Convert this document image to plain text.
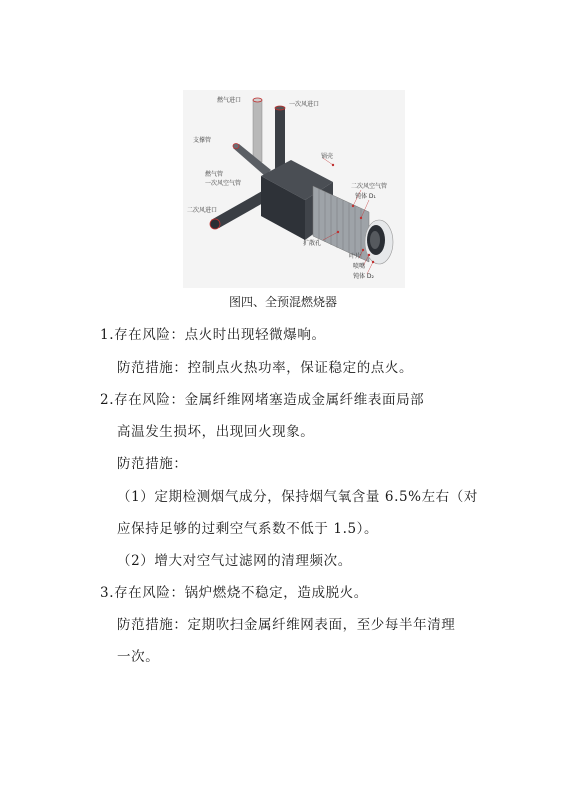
燃气进口
一次风进口
支撑管
锅壳
燃气管
一次风空气管	二次风空气管
二次风进口
钝体 D₁
扩散孔
叶片
喷嘴
钝体 D₂
图四、全预混燃烧器
1.存在风险：点火时出现轻微爆响。
防范措施：控制点火热功率，保证稳定的点火。
2.存在风险：金属纤维网堵塞造成金属纤维表面局部
高温发生损坏，出现回火现象。
防范措施：
（1）定期检测烟气成分，保持烟气氧含量 6.5%左右（对
应保持足够的过剩空气系数不低于 1.5）。
（2）增大对空气过滤网的清理频次。
3.存在风险：锅炉燃烧不稳定，造成脱火。
防范措施：定期吹扫金属纤维网表面，至少每半年清理
一次。
